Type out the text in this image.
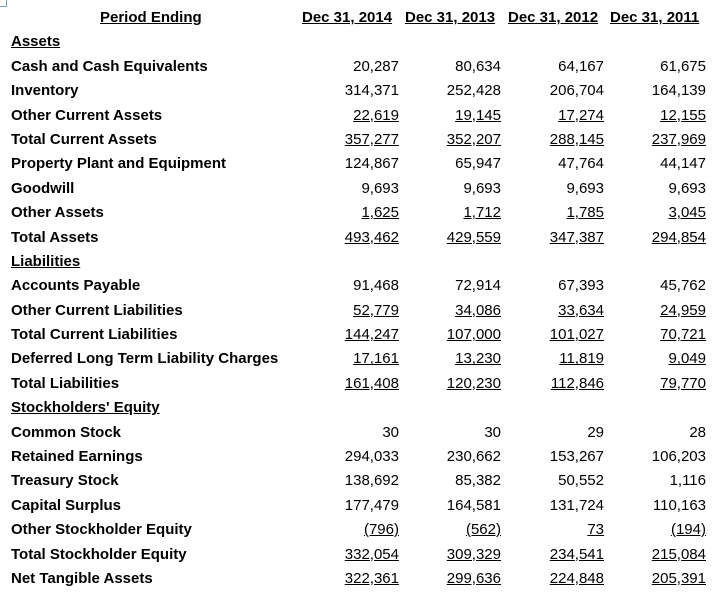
Period Ending	Dec 31, 2014 Dec 31, 2013 Dec 31, 2012 Dec 31, 2011
Assets
Cash and Cash Equivalents	20,287	80,634	64,167	61,675
Inventory	314,371	252,428	206,704	164,139
Other Current Assets	22,619	19,145	17,274	12,155
Total Current Assets	357,277	352,207	288,145	237,969
Property Plant and Equipment	124,867	65,947	47,764	44,147
Goodwill	9,693	9,693	9,693	9,693
Other Assets	1,625	1,712	1,785	3,045
Total Assets	493,462	429,559	347,387	294,854
Liabilities
Accounts Payable	91,468	72,914	67,393	45,762
Other Current Liabilities	52,779	34,086	33,634	24,959
Total Current Liabilities	144,247	107,000	101,027	70,721
Deferred Long Term Liability Charges	17,161	13,230	11,819	9,049
Total Liabilities	161,408	120,230	112,846	79,770
Stockholders' Equity
Common Stock	30	30	29	28
Retained Earnings	294,033	230,662	153,267	106,203
Treasury Stock	138,692	85,382	50,552	1,116
Capital Surplus	177,479	164,581	131,724	110,163
Other Stockholder Equity	(796)	(562)	73	(194)
Total Stockholder Equity	332,054	309,329	234,541	215,084
Net Tangible Assets	322,361	299,636	224,848	205,391
